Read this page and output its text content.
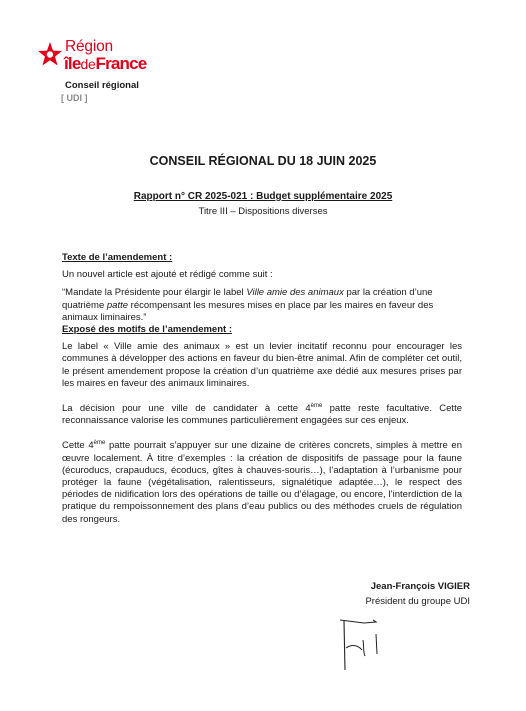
Région
îledeFrance
Conseil régional
[ UDI ]
CONSEIL RÉGIONAL DU 18 JUIN 2025
Rapport n° CR 2025-021 : Budget supplémentaire 2025
Titre III – Dispositions diverses

Texte de l’amendement :

Un nouvel article est ajouté et rédigé comme suit :

“Mandate la Présidente pour élargir le label Ville amie des animaux par la création d’une quatrième patte récompensant les mesures mises en place par les maires en faveur des animaux liminaires.”

Exposé des motifs de l’amendement :

Le label « Ville amie des animaux » est un levier incitatif reconnu pour encourager les communes à développer des actions en faveur du bien-être animal. Afin de compléter cet outil, le présent amendement propose la création d’un quatrième axe dédié aux mesures prises par les maires en faveur des animaux liminaires.

La décision pour une ville de candidater à cette 4ème patte reste facultative. Cette reconnaissance valorise les communes particulièrement engagées sur ces enjeux.

Cette 4ème patte pourrait s’appuyer sur une dizaine de critères concrets, simples à mettre en œuvre localement. À titre d’exemples : la création de dispositifs de passage pour la faune (écuroducs, crapauducs, écoducs, gîtes à chauves-souris…), l’adaptation à l’urbanisme pour protéger la faune (végétalisation, ralentisseurs, signalétique adaptée…), le respect des périodes de nidification lors des opérations de taille ou d’élagage, ou encore, l’interdiction de la pratique du rempoissonnement des plans d’eau publics ou des méthodes cruels de régulation des rongeurs.

Jean-François VIGIER
Président du groupe UDI
